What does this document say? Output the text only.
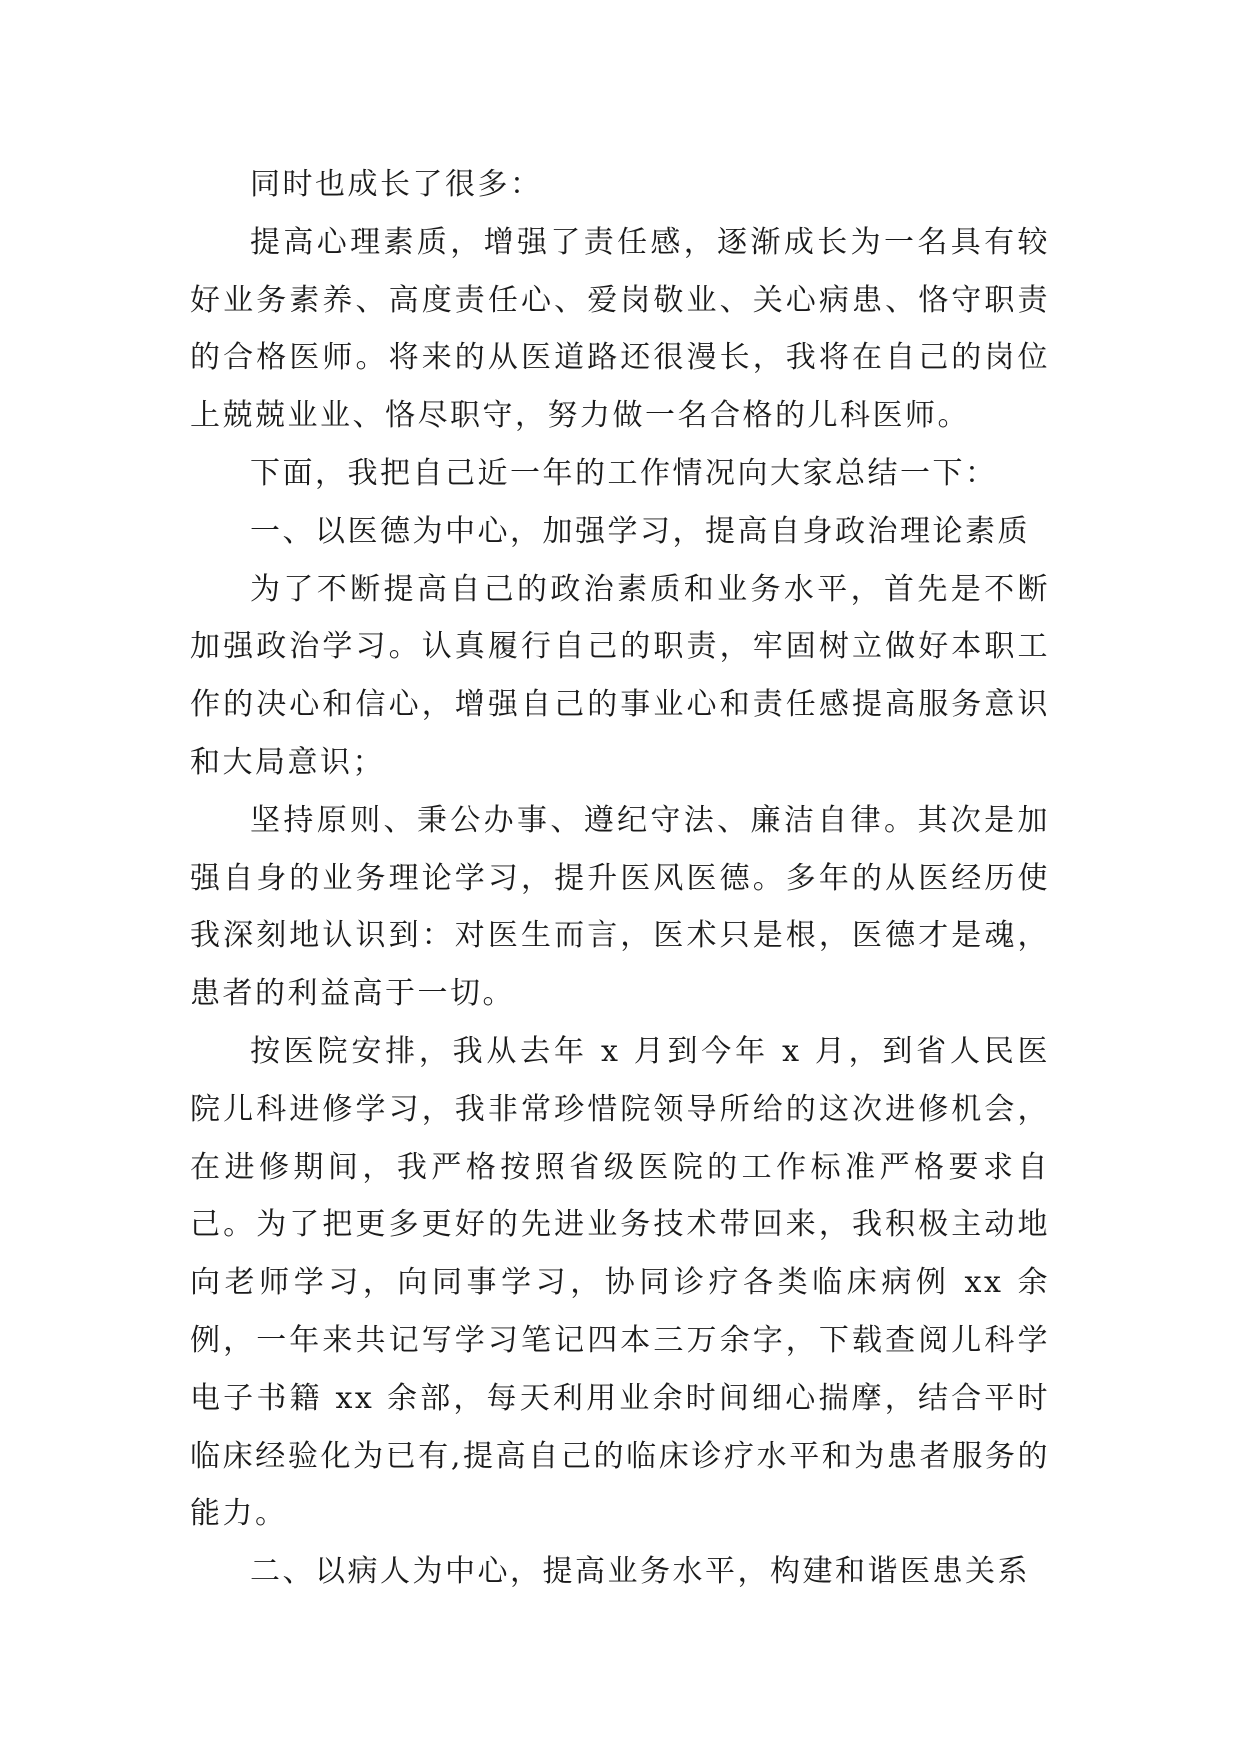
同时也成长了很多：

提高心理素质，增强了责任感，逐渐成长为一名具有较好业务素养、高度责任心、爱岗敬业、关心病患、恪守职责的合格医师。将来的从医道路还很漫长，我将在自己的岗位上兢兢业业、恪尽职守，努力做一名合格的儿科医师。

下面，我把自己近一年的工作情况向大家总结一下：

一、以医德为中心，加强学习，提高自身政治理论素质

为了不断提高自己的政治素质和业务水平，首先是不断加强政治学习。认真履行自己的职责，牢固树立做好本职工作的决心和信心，增强自己的事业心和责任感提高服务意识和大局意识；

坚持原则、秉公办事、遵纪守法、廉洁自律。其次是加强自身的业务理论学习，提升医风医德。多年的从医经历使我深刻地认识到：对医生而言，医术只是根，医德才是魂，患者的利益高于一切。

按医院安排，我从去年 x 月到今年 x 月，到省人民医院儿科进修学习，我非常珍惜院领导所给的这次进修机会，在进修期间，我严格按照省级医院的工作标准严格要求自己。为了把更多更好的先进业务技术带回来，我积极主动地向老师学习，向同事学习，协同诊疗各类临床病例 xx 余例，一年来共记写学习笔记四本三万余字，下载查阅儿科学电子书籍 xx 余部，每天利用业余时间细心揣摩，结合平时临床经验化为已有,提高自己的临床诊疗水平和为患者服务的能力。

二、以病人为中心，提高业务水平，构建和谐医患关系
